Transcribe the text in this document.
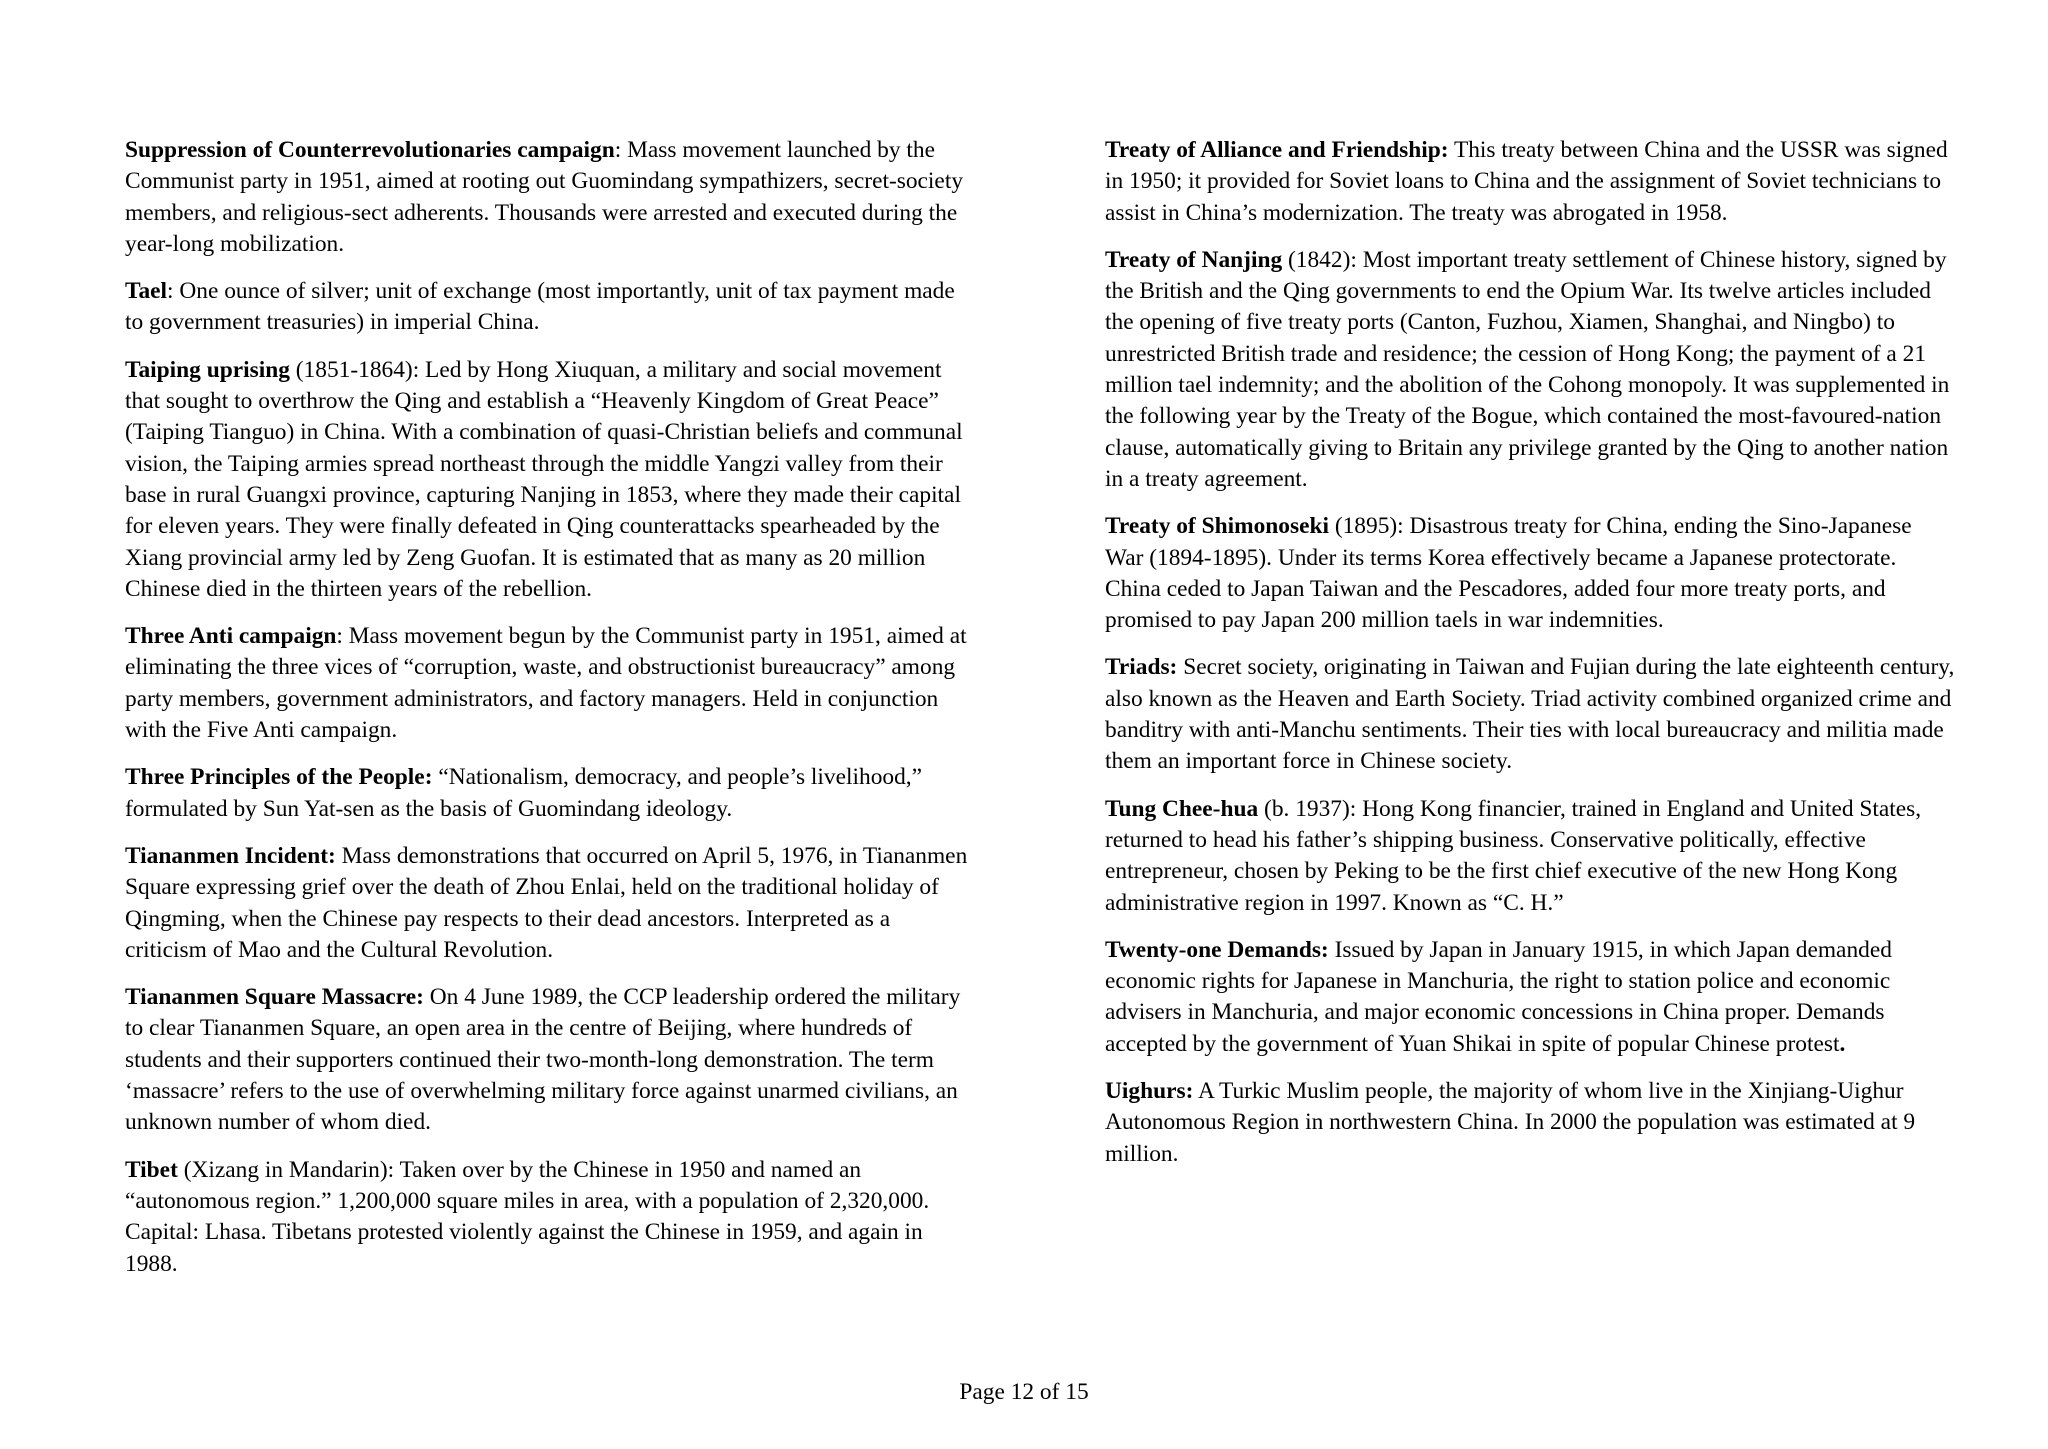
Suppression of Counterrevolutionaries campaign: Mass movement launched by the Communist party in 1951, aimed at rooting out Guomindang sympathizers, secret-society members, and religious-sect adherents. Thousands were arrested and executed during the year-long mobilization.

Tael: One ounce of silver; unit of exchange (most importantly, unit of tax payment made to government treasuries) in imperial China.

Taiping uprising (1851-1864): Led by Hong Xiuquan, a military and social movement that sought to overthrow the Qing and establish a “Heavenly Kingdom of Great Peace” (Taiping Tianguo) in China. With a combination of quasi-Christian beliefs and communal vision, the Taiping armies spread northeast through the middle Yangzi valley from their base in rural Guangxi province, capturing Nanjing in 1853, where they made their capital for eleven years. They were finally defeated in Qing counterattacks spearheaded by the Xiang provincial army led by Zeng Guofan. It is estimated that as many as 20 million Chinese died in the thirteen years of the rebellion.

Three Anti campaign: Mass movement begun by the Communist party in 1951, aimed at eliminating the three vices of “corruption, waste, and obstructionist bureaucracy” among party members, government administrators, and factory managers. Held in conjunction with the Five Anti campaign.

Three Principles of the People: “Nationalism, democracy, and people’s livelihood,” formulated by Sun Yat-sen as the basis of Guomindang ideology.

Tiananmen Incident: Mass demonstrations that occurred on April 5, 1976, in Tiananmen Square expressing grief over the death of Zhou Enlai, held on the traditional holiday of Qingming, when the Chinese pay respects to their dead ancestors. Interpreted as a criticism of Mao and the Cultural Revolution.

Tiananmen Square Massacre: On 4 June 1989, the CCP leadership ordered the military to clear Tiananmen Square, an open area in the centre of Beijing, where hundreds of students and their supporters continued their two-month-long demonstration. The term ‘massacre’ refers to the use of overwhelming military force against unarmed civilians, an unknown number of whom died.

Tibet (Xizang in Mandarin): Taken over by the Chinese in 1950 and named an “autonomous region.” 1,200,000 square miles in area, with a population of 2,320,000. Capital: Lhasa. Tibetans protested violently against the Chinese in 1959, and again in 1988.

Treaty of Alliance and Friendship: This treaty between China and the USSR was signed in 1950; it provided for Soviet loans to China and the assignment of Soviet technicians to assist in China’s modernization. The treaty was abrogated in 1958.

Treaty of Nanjing (1842): Most important treaty settlement of Chinese history, signed by the British and the Qing governments to end the Opium War. Its twelve articles included the opening of five treaty ports (Canton, Fuzhou, Xiamen, Shanghai, and Ningbo) to unrestricted British trade and residence; the cession of Hong Kong; the payment of a 21 million tael indemnity; and the abolition of the Cohong monopoly. It was supplemented in the following year by the Treaty of the Bogue, which contained the most-favoured-nation clause, automatically giving to Britain any privilege granted by the Qing to another nation in a treaty agreement.

Treaty of Shimonoseki (1895): Disastrous treaty for China, ending the Sino-Japanese War (1894-1895). Under its terms Korea effectively became a Japanese protectorate. China ceded to Japan Taiwan and the Pescadores, added four more treaty ports, and promised to pay Japan 200 million taels in war indemnities.

Triads: Secret society, originating in Taiwan and Fujian during the late eighteenth century, also known as the Heaven and Earth Society. Triad activity combined organized crime and banditry with anti-Manchu sentiments. Their ties with local bureaucracy and militia made them an important force in Chinese society.

Tung Chee-hua (b. 1937): Hong Kong financier, trained in England and United States, returned to head his father’s shipping business. Conservative politically, effective entrepreneur, chosen by Peking to be the first chief executive of the new Hong Kong administrative region in 1997. Known as “C. H.”

Twenty-one Demands: Issued by Japan in January 1915, in which Japan demanded economic rights for Japanese in Manchuria, the right to station police and economic advisers in Manchuria, and major economic concessions in China proper. Demands accepted by the government of Yuan Shikai in spite of popular Chinese protest.

Uighurs: A Turkic Muslim people, the majority of whom live in the Xinjiang-Uighur Autonomous Region in northwestern China. In 2000 the population was estimated at 9 million.

Page 12 of 15
